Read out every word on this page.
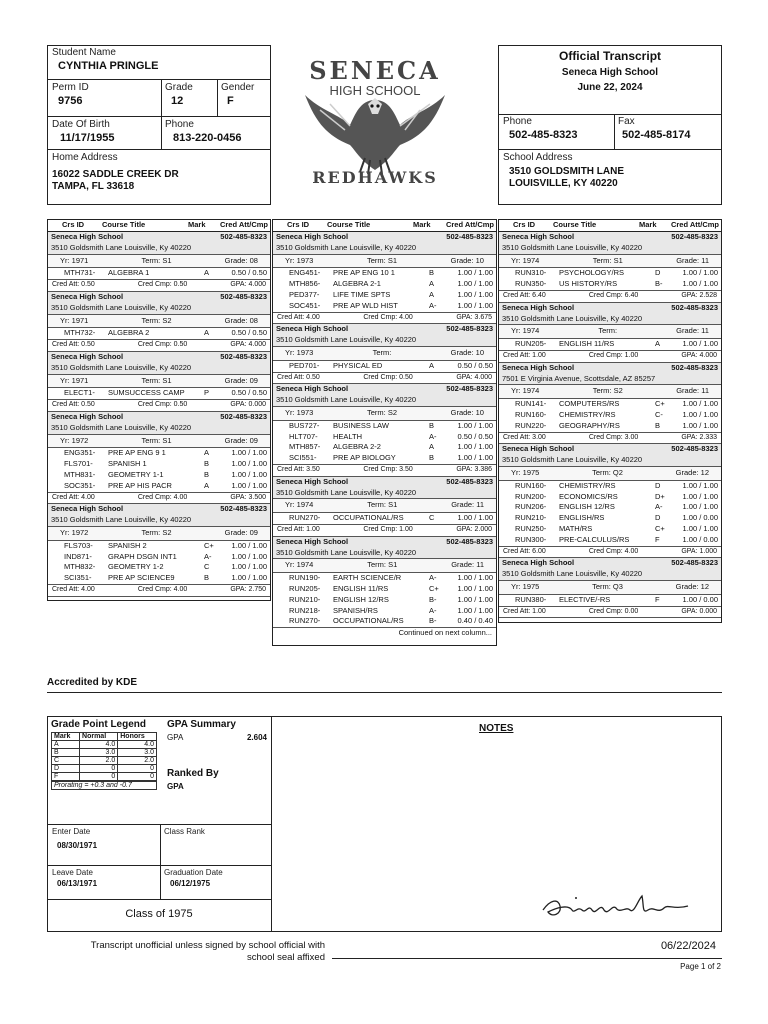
Student Name
CYNTHIA PRINGLE
Perm ID
9756
Grade
12
Gender
F
Date Of Birth
11/17/1955
Phone
813-220-0456
Home Address
16022 SADDLE CREEK DR
TAMPA, FL 33618
SENECA
HIGH SCHOOL
REDHAWKS
Official Transcript
Seneca High School
June 22, 2024
Phone
502-485-8323
Fax
502-485-8174
School Address
3510 GOLDSMITH LANE
LOUISVILLE, KY 40220
Crs ID	Course Title	Mark	Cred Att/Cmp
Seneca High School	502-485-8323
3510 Goldsmith Lane Louisville, Ky 40220
Yr: 1971	Term: S1	Grade: 08
MTH731-	ALGEBRA 1	A	0.50 / 0.50
Cred Att: 0.50	Cred Cmp: 0.50	GPA: 4.000
Seneca High School	502-485-8323
3510 Goldsmith Lane Louisville, Ky 40220
Yr: 1971	Term: S2	Grade: 08
MTH732-	ALGEBRA 2	A	0.50 / 0.50
Cred Att: 0.50	Cred Cmp: 0.50	GPA: 4.000
Seneca High School	502-485-8323
3510 Goldsmith Lane Louisville, Ky 40220
Yr: 1971	Term: S1	Grade: 09
ELECT1-	SUMSUCCESS CAMP	P	0.50 / 0.50
Cred Att: 0.50	Cred Cmp: 0.50	GPA: 0.000
Seneca High School	502-485-8323
3510 Goldsmith Lane Louisville, Ky 40220
Yr: 1972	Term: S1	Grade: 09
ENG351-	PRE AP ENG 9 1	A	1.00 / 1.00
FLS701-	SPANISH 1	B	1.00 / 1.00
MTH831-	GEOMETRY 1-1	B	1.00 / 1.00
SOC351-	PRE AP HIS PACR	A	1.00 / 1.00
Cred Att: 4.00	Cred Cmp: 4.00	GPA: 3.500
Seneca High School	502-485-8323
3510 Goldsmith Lane Louisville, Ky 40220
Yr: 1972	Term: S2	Grade: 09
FLS703-	SPANISH 2	C+	1.00 / 1.00
IND871-	GRAPH DSGN INT1	A-	1.00 / 1.00
MTH832-	GEOMETRY 1-2	C	1.00 / 1.00
SCI351-	PRE AP SCIENCE9	B	1.00 / 1.00
Cred Att: 4.00	Cred Cmp: 4.00	GPA: 2.750
Crs ID	Course Title	Mark	Cred Att/Cmp
Seneca High School	502-485-8323
3510 Goldsmith Lane Louisville, Ky 40220
Yr: 1973	Term: S1	Grade: 10
ENG451-	PRE AP ENG 10 1	B	1.00 / 1.00
MTH856-	ALGEBRA 2-1	A	1.00 / 1.00
PED377-	LIFE TIME SPTS	A	1.00 / 1.00
SOC451-	PRE AP WLD HIST	A-	1.00 / 1.00
Cred Att: 4.00	Cred Cmp: 4.00	GPA: 3.675
Seneca High School	502-485-8323
3510 Goldsmith Lane Louisville, Ky 40220
Yr: 1973	Term:	Grade: 10
PED701-	PHYSICAL ED	A	0.50 / 0.50
Cred Att: 0.50	Cred Cmp: 0.50	GPA: 4.000
Seneca High School	502-485-8323
3510 Goldsmith Lane Louisville, Ky 40220
Yr: 1973	Term: S2	Grade: 10
BUS727-	BUSINESS LAW	B	1.00 / 1.00
HLT707-	HEALTH	A-	0.50 / 0.50
MTH857-	ALGEBRA 2-2	A	1.00 / 1.00
SCI551-	PRE AP BIOLOGY	B	1.00 / 1.00
Cred Att: 3.50	Cred Cmp: 3.50	GPA: 3.386
Seneca High School	502-485-8323
3510 Goldsmith Lane Louisville, Ky 40220
Yr: 1974	Term: S1	Grade: 11
RUN270-	OCCUPATIONAL/RS	C	1.00 / 1.00
Cred Att: 1.00	Cred Cmp: 1.00	GPA: 2.000
Seneca High School	502-485-8323
3510 Goldsmith Lane Louisville, Ky 40220
Yr: 1974	Term: S1	Grade: 11
RUN190-	EARTH SCIENCE/R	A-	1.00 / 1.00
RUN205-	ENGLISH 11/RS	C+	1.00 / 1.00
RUN210-	ENGLISH 12/RS	B-	1.00 / 1.00
RUN218-	SPANISH/RS	A-	1.00 / 1.00
RUN270-	OCCUPATIONAL/RS	B-	0.40 / 0.40
Continued on next column...
Crs ID	Course Title	Mark	Cred Att/Cmp
Seneca High School	502-485-8323
3510 Goldsmith Lane Louisville, Ky 40220
Yr: 1974	Term: S1	Grade: 11
RUN310-	PSYCHOLOGY/RS	D	1.00 / 1.00
RUN350-	US HISTORY/RS	B-	1.00 / 1.00
Cred Att: 6.40	Cred Cmp: 6.40	GPA: 2.528
Seneca High School	502-485-8323
3510 Goldsmith Lane Louisville, Ky 40220
Yr: 1974	Term:	Grade: 11
RUN205-	ENGLISH 11/RS	A	1.00 / 1.00
Cred Att: 1.00	Cred Cmp: 1.00	GPA: 4.000
Seneca High School	502-485-8323
7501 E Virginia Avenue, Scottsdale, AZ 85257
Yr: 1974	Term: S2	Grade: 11
RUN141-	COMPUTERS/RS	C+	1.00 / 1.00
RUN160-	CHEMISTRY/RS	C-	1.00 / 1.00
RUN220-	GEOGRAPHY/RS	B	1.00 / 1.00
Cred Att: 3.00	Cred Cmp: 3.00	GPA: 2.333
Seneca High School	502-485-8323
3510 Goldsmith Lane Louisville, Ky 40220
Yr: 1975	Term: Q2	Grade: 12
RUN160-	CHEMISTRY/RS	D	1.00 / 1.00
RUN200-	ECONOMICS/RS	D+	1.00 / 1.00
RUN206-	ENGLISH 12/RS	A-	1.00 / 1.00
RUN210-	ENGLISH/RS	D	1.00 / 0.00
RUN250-	MATH/RS	C+	1.00 / 1.00
RUN300-	PRE-CALCULUS/RS	F	1.00 / 0.00
Cred Att: 6.00	Cred Cmp: 4.00	GPA: 1.000
Seneca High School	502-485-8323
3510 Goldsmith Lane Louisville, Ky 40220
Yr: 1975	Term: Q3	Grade: 12
RUN380-	ELECTIVE/-RS	F	1.00 / 0.00
Cred Att: 1.00	Cred Cmp: 0.00	GPA: 0.000
Accredited by KDE
Grade Point Legend
Mark	Normal	Honors
A	4.0	4.0
B	3.0	3.0
C	2.0	2.0
D	0	0
F	0	0
Prorating = +0.3 and -0.7
GPA Summary
GPA	2.604
Ranked By
GPA
Enter Date
08/30/1971
Class Rank
Leave Date
06/13/1971
Graduation Date
06/12/1975
Class of 1975
NOTES
Transcript unofficial unless signed by school official with
school seal affixed
06/22/2024
Page 1 of 2
